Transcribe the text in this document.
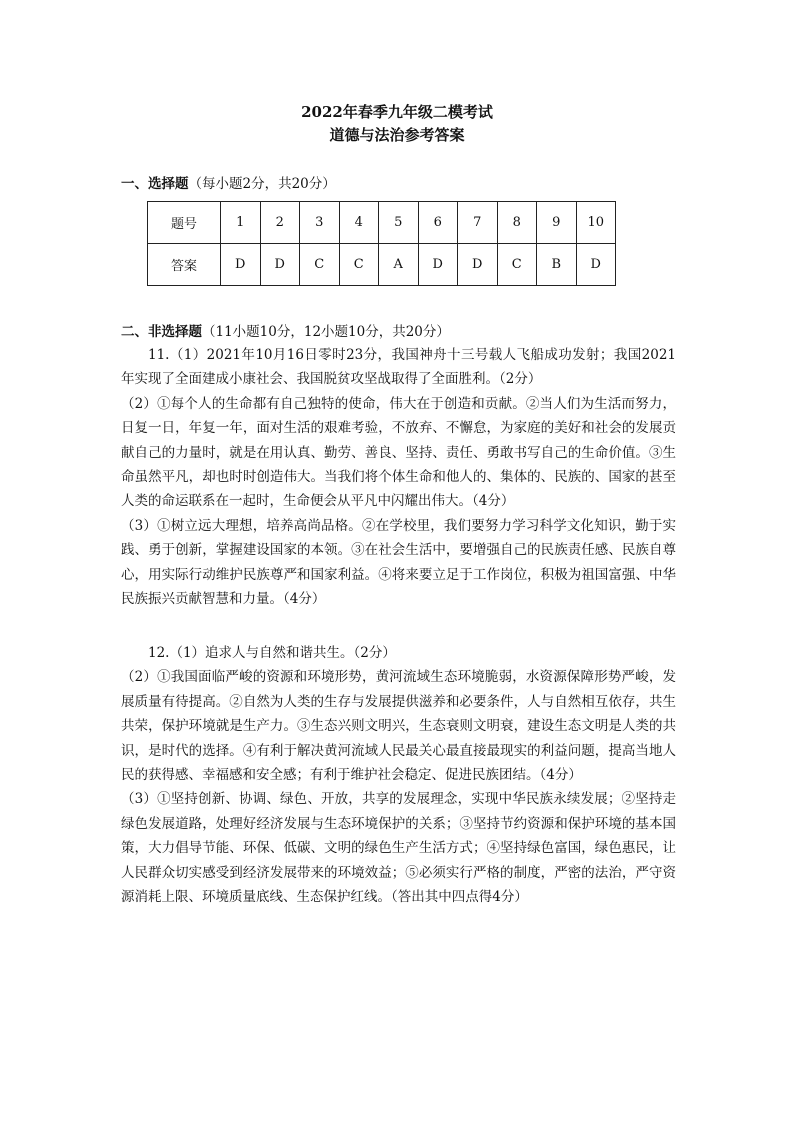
2022年春季九年级二模考试
道德与法治参考答案
一、选择题（每小题2分，共20分）
题号	1	2	3	4	5	6	7	8	9	10
答案	D	D	C	C	A	D	D	C	B	D
二、非选择题（11小题10分，12小题10分，共20分）

11.（1）2021年10月16日零时23分，我国神舟十三号载人飞船成功发射；我国2021年实现了全面建成小康社会、我国脱贫攻坚战取得了全面胜利。（2分）

（2）①每个人的生命都有自己独特的使命，伟大在于创造和贡献。②当人们为生活而努力，日复一日，年复一年，面对生活的艰难考验，不放弃、不懈怠，为家庭的美好和社会的发展贡献自己的力量时，就是在用认真、勤劳、善良、坚持、责任、勇敢书写自己的生命价值。③生命虽然平凡，却也时时创造伟大。当我们将个体生命和他人的、集体的、民族的、国家的甚至人类的命运联系在一起时，生命便会从平凡中闪耀出伟大。（4分）

（3）①树立远大理想，培养高尚品格。②在学校里，我们要努力学习科学文化知识，勤于实践、勇于创新，掌握建设国家的本领。③在社会生活中，要增强自己的民族责任感、民族自尊心，用实际行动维护民族尊严和国家利益。④将来要立足于工作岗位，积极为祖国富强、中华民族振兴贡献智慧和力量。（4分）

12.（1）追求人与自然和谐共生。（2分）

（2）①我国面临严峻的资源和环境形势，黄河流域生态环境脆弱，水资源保障形势严峻，发展质量有待提高。②自然为人类的生存与发展提供滋养和必要条件，人与自然相互依存，共生共荣，保护环境就是生产力。③生态兴则文明兴，生态衰则文明衰，建设生态文明是人类的共识，是时代的选择。④有利于解决黄河流域人民最关心最直接最现实的利益问题，提高当地人民的获得感、幸福感和安全感；有利于维护社会稳定、促进民族团结。（4分）

（3）①坚持创新、协调、绿色、开放，共享的发展理念，实现中华民族永续发展；②坚持走绿色发展道路，处理好经济发展与生态环境保护的关系；③坚持节约资源和保护环境的基本国策，大力倡导节能、环保、低碳、文明的绿色生产生活方式；④坚持绿色富国，绿色惠民，让人民群众切实感受到经济发展带来的环境效益；⑤必须实行严格的制度，严密的法治，严守资源消耗上限、环境质量底线、生态保护红线。（答出其中四点得4分）
